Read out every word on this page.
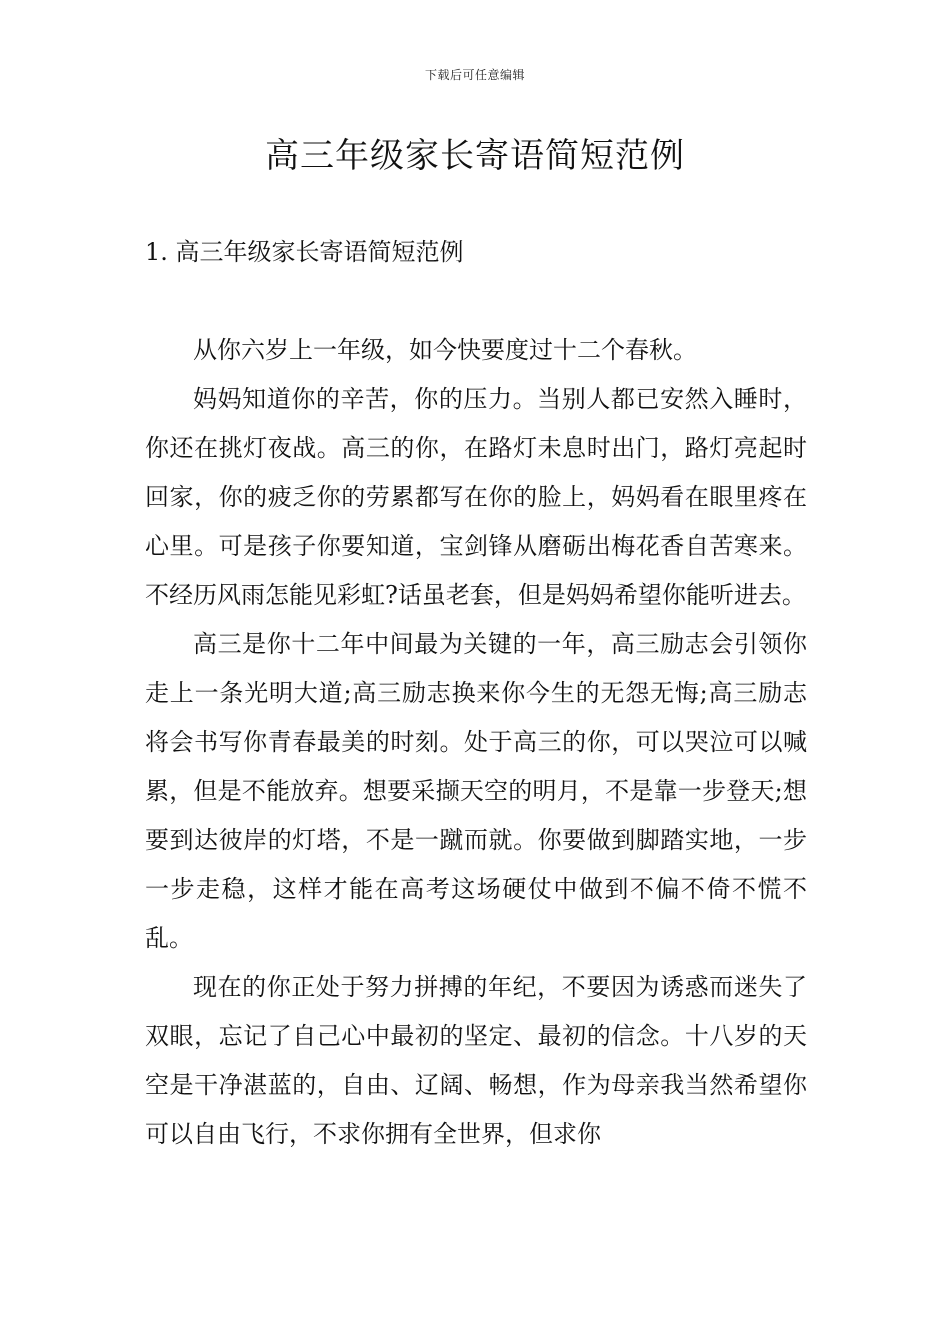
下载后可任意编辑
高三年级家长寄语简短范例
1. 高三年级家长寄语简短范例

从你六岁上一年级，如今快要度过十二个春秋。

妈妈知道你的辛苦，你的压力。当别人都已安然入睡时，你还在挑灯夜战。高三的你，在路灯未息时出门，路灯亮起时回家，你的疲乏你的劳累都写在你的脸上，妈妈看在眼里疼在心里。可是孩子你要知道，宝剑锋从磨砺出梅花香自苦寒来。不经历风雨怎能见彩虹?话虽老套，但是妈妈希望你能听进去。

高三是你十二年中间最为关键的一年，高三励志会引领你走上一条光明大道;高三励志换来你今生的无怨无悔;高三励志将会书写你青春最美的时刻。处于高三的你，可以哭泣可以喊累，但是不能放弃。想要采撷天空的明月，不是靠一步登天;想要到达彼岸的灯塔，不是一蹴而就。你要做到脚踏实地，一步一步走稳，这样才能在高考这场硬仗中做到不偏不倚不慌不乱。

现在的你正处于努力拼搏的年纪，不要因为诱惑而迷失了双眼，忘记了自己心中最初的坚定、最初的信念。十八岁的天空是干净湛蓝的，自由、辽阔、畅想，作为母亲我当然希望你可以自由飞行，不求你拥有全世界，但求你
